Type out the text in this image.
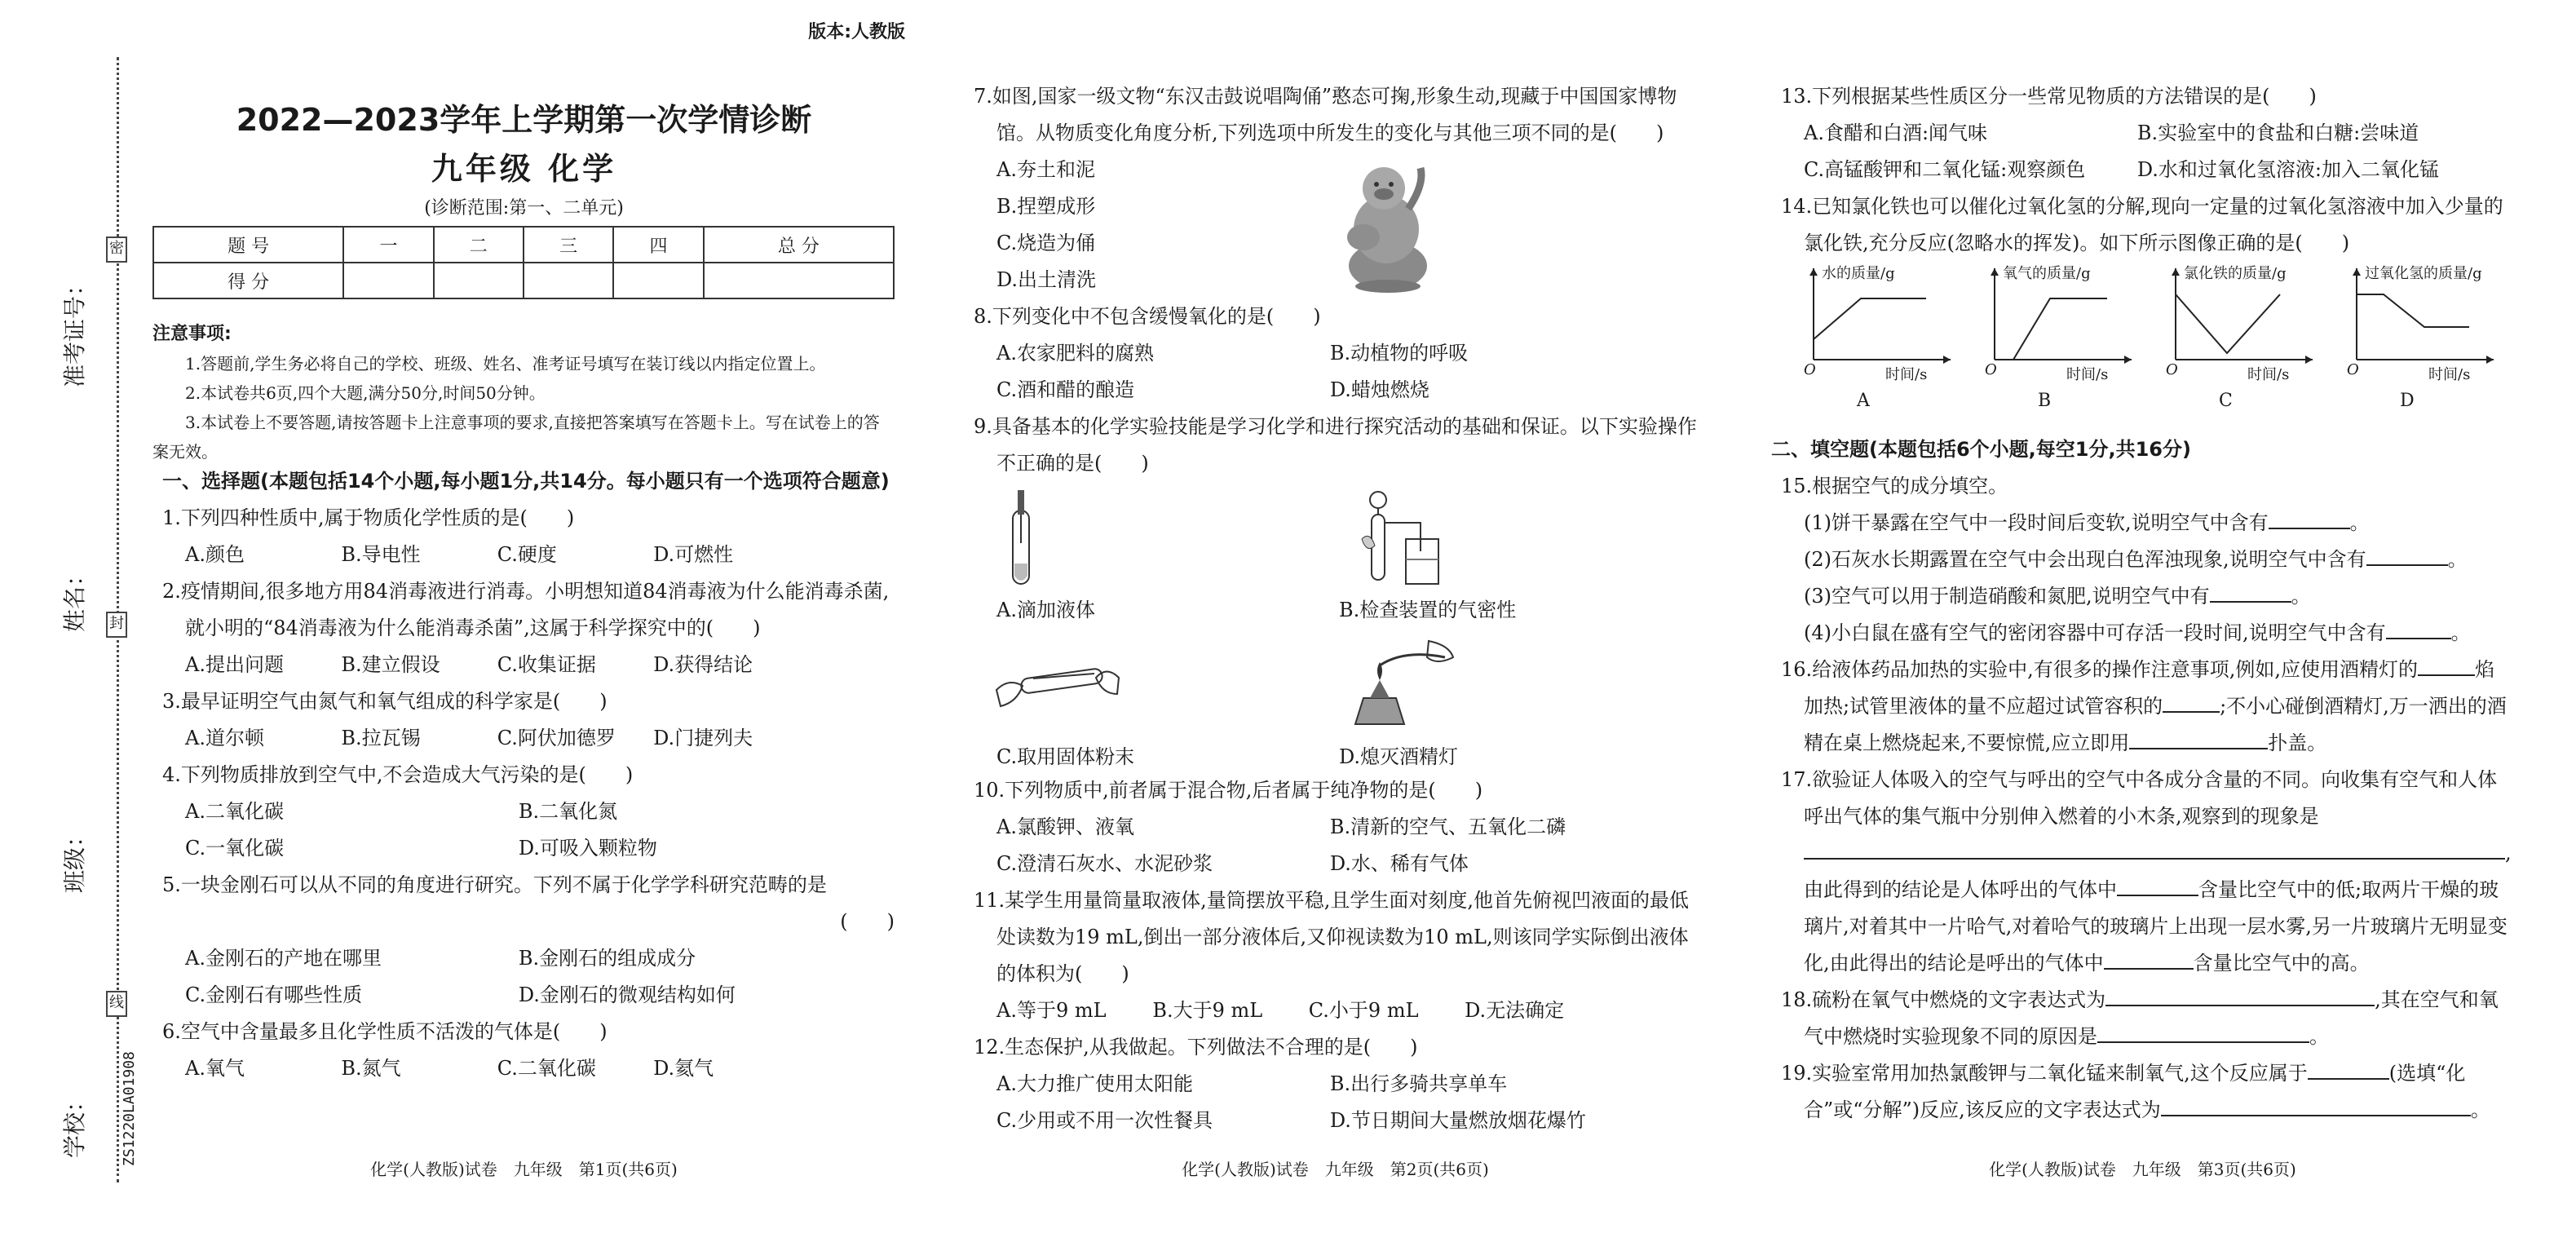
准考证号：
姓名：
班级：
学校：
密
封
线
ZS1220LA01908
版本:人教版
2022—2023学年上学期第一次学情诊断
九年级 化学
(诊断范围:第一、二单元)
题 号	一	二	三	四	总 分
得 分					
注意事项:
1.答题前,学生务必将自己的学校、班级、姓名、准考证号填写在装订线以内指定位置上。
2.本试卷共6页,四个大题,满分50分,时间50分钟。
3.本试卷上不要答题,请按答题卡上注意事项的要求,直接把答案填写在答题卡上。写在试卷上的答案无效。
一、选择题(本题包括14个小题,每小题1分,共14分。每小题只有一个选项符合题意)
1.下列四种性质中,属于物质化学性质的是(　　)
A.颜色	B.导电性	C.硬度	D.可燃性
2.疫情期间,很多地方用84消毒液进行消毒。小明想知道84消毒液为什么能消毒杀菌,就小明的“84消毒液为什么能消毒杀菌”,这属于科学探究中的(　　)
A.提出问题	B.建立假设	C.收集证据	D.获得结论
3.最早证明空气由氮气和氧气组成的科学家是(　　)
A.道尔顿	B.拉瓦锡	C.阿伏加德罗	D.门捷列夫
4.下列物质排放到空气中,不会造成大气污染的是(　　)
A.二氧化碳	B.二氧化氮
C.一氧化碳	D.可吸入颗粒物
5.一块金刚石可以从不同的角度进行研究。下列不属于化学学科研究范畴的是
(　　)
A.金刚石的产地在哪里	B.金刚石的组成成分
C.金刚石有哪些性质	D.金刚石的微观结构如何
6.空气中含量最多且化学性质不活泼的气体是(　　)
A.氧气	B.氮气	C.二氧化碳	D.氦气
化学(人教版)试卷　九年级　第1页(共6页)
7.如图,国家一级文物“东汉击鼓说唱陶俑”憨态可掬,形象生动,现藏于中国国家博物馆。从物质变化角度分析,下列选项中所发生的变化与其他三项不同的是(　　)
A.夯土和泥
B.捏塑成形
C.烧造为俑
D.出土清洗
8.下列变化中不包含缓慢氧化的是(　　)
A.农家肥料的腐熟	B.动植物的呼吸
C.酒和醋的酿造	D.蜡烛燃烧
9.具备基本的化学实验技能是学习化学和进行探究活动的基础和保证。以下实验操作不正确的是(　　)
A.滴加液体	B.检查装置的气密性
C.取用固体粉末	D.熄灭酒精灯
10.下列物质中,前者属于混合物,后者属于纯净物的是(　　)
A.氯酸钾、液氧	B.清新的空气、五氧化二磷
C.澄清石灰水、水泥砂浆	D.水、稀有气体
11.某学生用量筒量取液体,量筒摆放平稳,且学生面对刻度,他首先俯视凹液面的最低处读数为19 mL,倒出一部分液体后,又仰视读数为10 mL,则该同学实际倒出液体的体积为(　　)
A.等于9 mL	B.大于9 mL	C.小于9 mL	D.无法确定
12.生态保护,从我做起。下列做法不合理的是(　　)
A.大力推广使用太阳能	B.出行多骑共享单车
C.少用或不用一次性餐具	D.节日期间大量燃放烟花爆竹
化学(人教版)试卷　九年级　第2页(共6页)
13.下列根据某些性质区分一些常见物质的方法错误的是(　　)
A.食醋和白酒:闻气味	B.实验室中的食盐和白糖:尝味道
C.高锰酸钾和二氧化锰:观察颜色	D.水和过氧化氢溶液:加入二氧化锰
14.已知氯化铁也可以催化过氧化氢的分解,现向一定量的过氧化氢溶液中加入少量的氯化铁,充分反应(忽略水的挥发)。如下所示图像正确的是(　　)
水的质量/g
O	时间/s
A
氧气的质量/g
O	时间/s
B
氯化铁的质量/g
O	时间/s
C
过氧化氢的质量/g
O	时间/s
D
二、填空题(本题包括6个小题,每空1分,共16分)
15.根据空气的成分填空。
(1)饼干暴露在空气中一段时间后变软,说明空气中含有	。
(2)石灰水长期露置在空气中会出现白色浑浊现象,说明空气中含有	。
(3)空气可以用于制造硝酸和氮肥,说明空气中有	。
(4)小白鼠在盛有空气的密闭容器中可存活一段时间,说明空气中含有	。
16.给液体药品加热的实验中,有很多的操作注意事项,例如,应使用酒精灯的	焰加热;试管里液体的量不应超过试管容积的	;不小心碰倒酒精灯,万一洒出的酒精在桌上燃烧起来,不要惊慌,应立即用	扑盖。
17.欲验证人体吸入的空气与呼出的空气中各成分含量的不同。向收集有空气和人体呼出气体的集气瓶中分别伸入燃着的小木条,观察到的现象是
,
由此得到的结论是人体呼出的气体中	含量比空气中的低;取两片干燥的玻璃片,对着其中一片哈气,对着哈气的玻璃片上出现一层水雾,另一片玻璃片无明显变化,由此得出的结论是呼出的气体中	含量比空气中的高。
18.硫粉在氧气中燃烧的文字表达式为	,其在空气和氧气中燃烧时实验现象不同的原因是	。
19.实验室常用加热氯酸钾与二氧化锰来制氧气,这个反应属于	(选填“化合”或“分解”)反应,该反应的文字表达式为	。
化学(人教版)试卷　九年级　第3页(共6页)
